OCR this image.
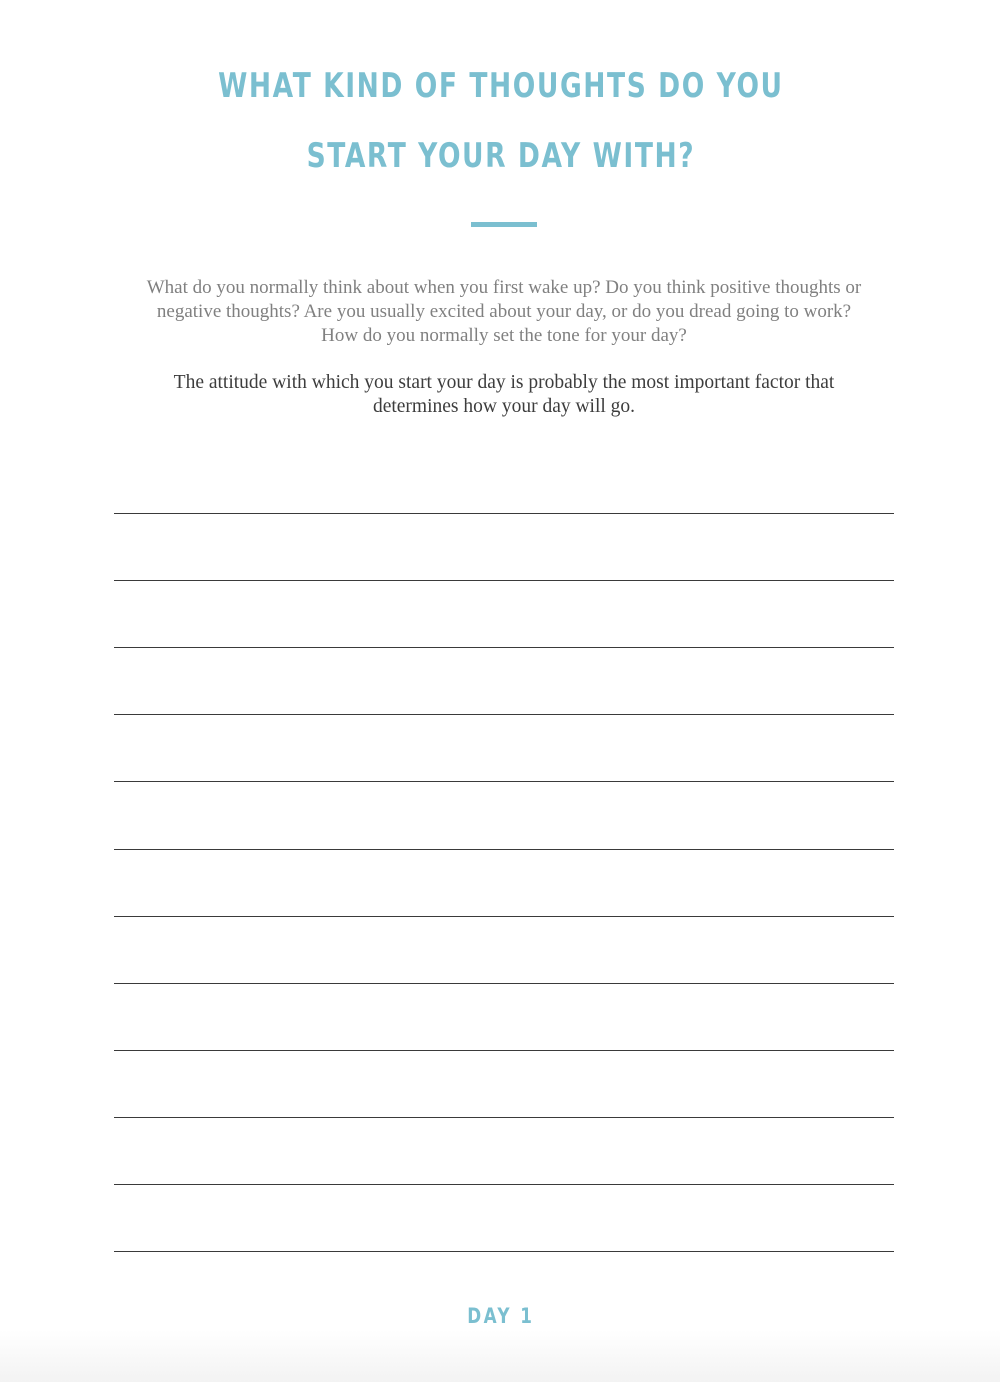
WHAT KIND OF THOUGHTS DO YOU
START YOUR DAY WITH?

What do you normally think about when you first wake up? Do you think positive thoughts or
negative thoughts? Are you usually excited about your day, or do you dread going to work?
How do you normally set the tone for your day?

The attitude with which you start your day is probably the most important factor that
determines how your day will go.

DAY 1
